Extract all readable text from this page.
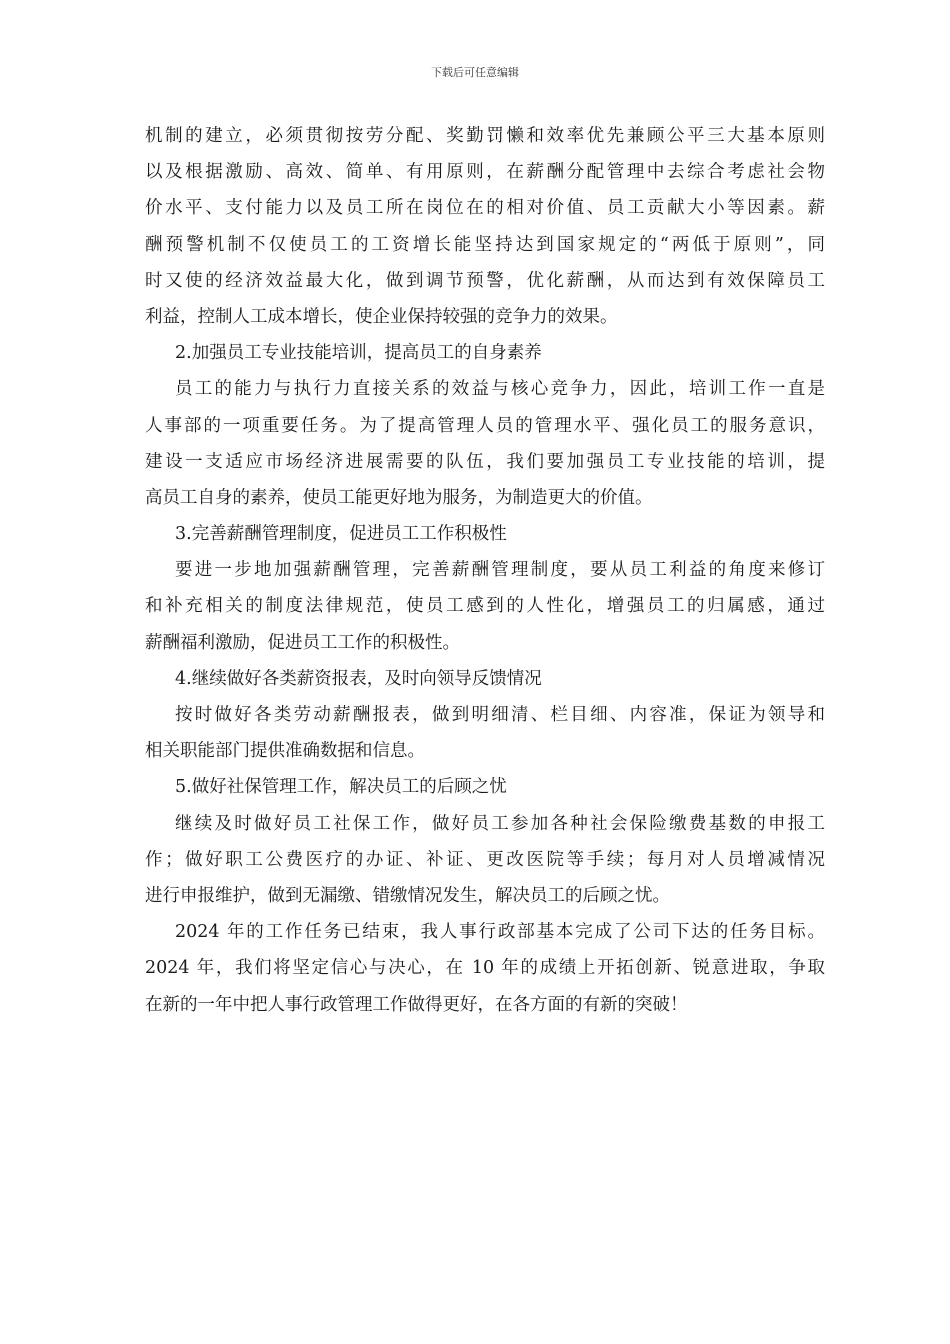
下载后可任意编辑
机制的建立，必须贯彻按劳分配、奖勤罚懒和效率优先兼顾公平三大基本原则
以及根据激励、高效、简单、有用原则，在薪酬分配管理中去综合考虑社会物
价水平、支付能力以及员工所在岗位在的相对价值、员工贡献大小等因素。薪
酬预警机制不仅使员工的工资增长能坚持达到国家规定的“两低于原则”，同
时又使的经济效益最大化，做到调节预警，优化薪酬，从而达到有效保障员工
利益，控制人工成本增长，使企业保持较强的竞争力的效果。
2.加强员工专业技能培训，提高员工的自身素养
员工的能力与执行力直接关系的效益与核心竞争力，因此，培训工作一直是
人事部的一项重要任务。为了提高管理人员的管理水平、强化员工的服务意识，
建设一支适应市场经济进展需要的队伍，我们要加强员工专业技能的培训，提
高员工自身的素养，使员工能更好地为服务，为制造更大的价值。
3.完善薪酬管理制度，促进员工工作积极性
要进一步地加强薪酬管理，完善薪酬管理制度，要从员工利益的角度来修订
和补充相关的制度法律规范，使员工感到的人性化，增强员工的归属感，通过
薪酬福利激励，促进员工工作的积极性。
4.继续做好各类薪资报表，及时向领导反馈情况
按时做好各类劳动薪酬报表，做到明细清、栏目细、内容准，保证为领导和
相关职能部门提供准确数据和信息。
5.做好社保管理工作，解决员工的后顾之忧
继续及时做好员工社保工作，做好员工参加各种社会保险缴费基数的申报工
作；做好职工公费医疗的办证、补证、更改医院等手续；每月对人员增减情况
进行申报维护，做到无漏缴、错缴情况发生，解决员工的后顾之忧。
2024 年的工作任务已结束，我人事行政部基本完成了公司下达的任务目标。
2024 年，我们将坚定信心与决心，在 10 年的成绩上开拓创新、锐意进取，争取
在新的一年中把人事行政管理工作做得更好，在各方面的有新的突破！
